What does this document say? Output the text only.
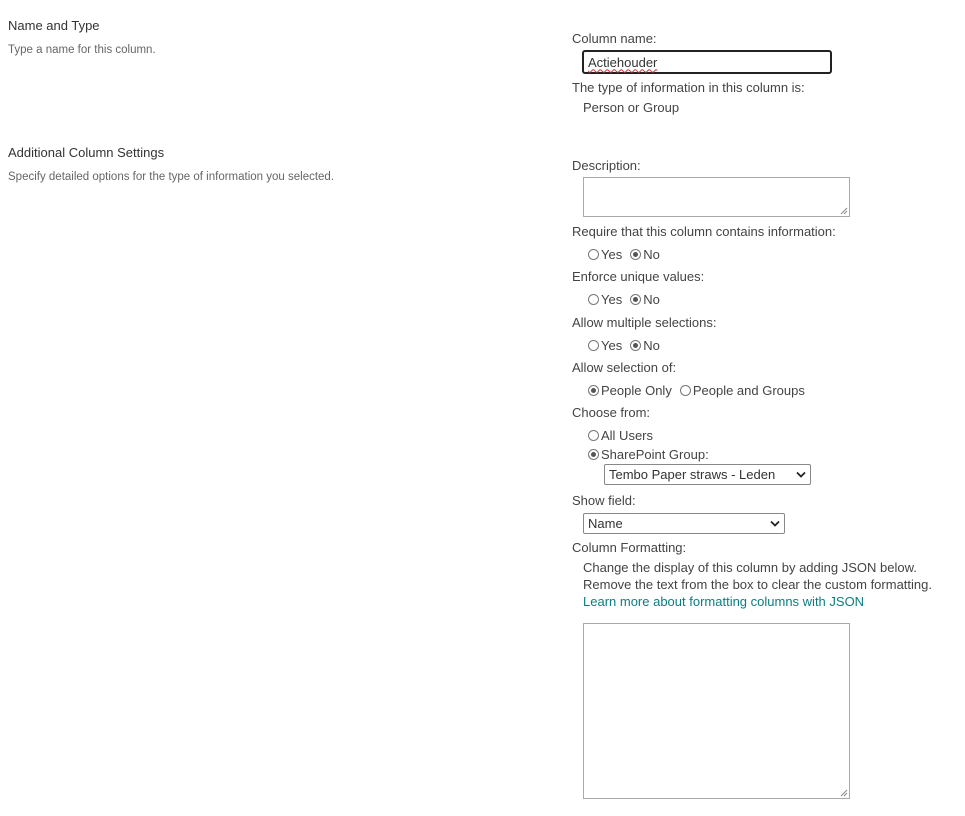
Name and Type
Type a name for this column.
Additional Column Settings
Specify detailed options for the type of information you selected.
Column name:
Actiehouder
The type of information in this column is:
Person or Group
Description:
Require that this column contains information:
Yes No
Enforce unique values:
Yes No
Allow multiple selections:
Yes No
Allow selection of:
People Only People and Groups
Choose from:
All Users
SharePoint Group:
Tembo Paper straws - Leden
Show field:
Name
Column Formatting:
Change the display of this column by adding JSON below.
Remove the text from the box to clear the custom formatting.
Learn more about formatting columns with JSON
